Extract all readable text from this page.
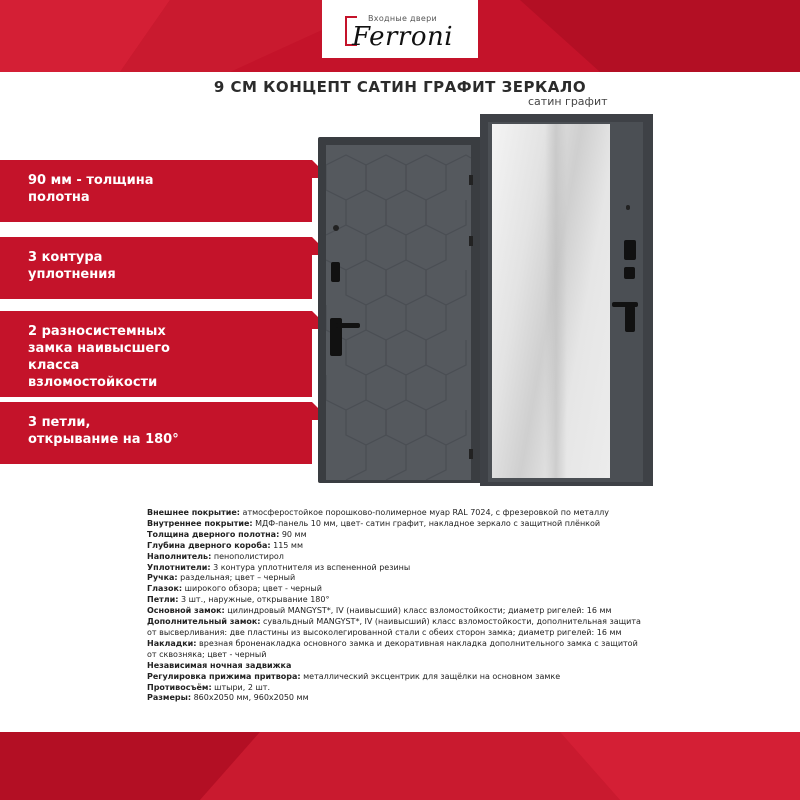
Входные двери
Ferroni
9 СМ КОНЦЕПТ САТИН ГРАФИТ ЗЕРКАЛО
сатин графит
90 мм - толщина
полотна
3 контура
уплотнения
2 разносистемных
замка наивысшего
класса
взломостойкости
3 петли,
открывание на 180°

Внешнее покрытие: атмосферостойкое порошково-полимерное муар RAL 7024, с фрезеровкой по металлу

Внутреннее покрытие: МДФ-панель 10 мм, цвет- сатин графит, накладное зеркало с защитной плёнкой

Толщина дверного полотна: 90 мм

Глубина дверного короба: 115 мм

Наполнитель: пенополистирол

Уплотнители: 3 контура уплотнителя из вспененной резины

Ручка: раздельная; цвет – черный

Глазок: широкого обзора; цвет - черный

Петли: 3 шт., наружные, открывание 180°

Основной замок: цилиндровый MANGYST*, IV (наивысший) класс взломостойкости; диаметр ригелей: 16 мм

Дополнительный замок: сувальдный MANGYST*, IV (наивысший) класс взломостойкости, дополнительная защита от высверливания: две пластины из высоколегированной стали с обеих сторон замка; диаметр ригелей: 16 мм

Накладки: врезная броненакладка основного замка и декоративная накладка дополнительного замка с защитой от сквозняка; цвет - черный

Независимая ночная задвижка

Регулировка прижима притвора: металлический эксцентрик для защёлки на основном замке

Противосъём: штыри, 2 шт.

Размеры: 860х2050 мм, 960х2050 мм
